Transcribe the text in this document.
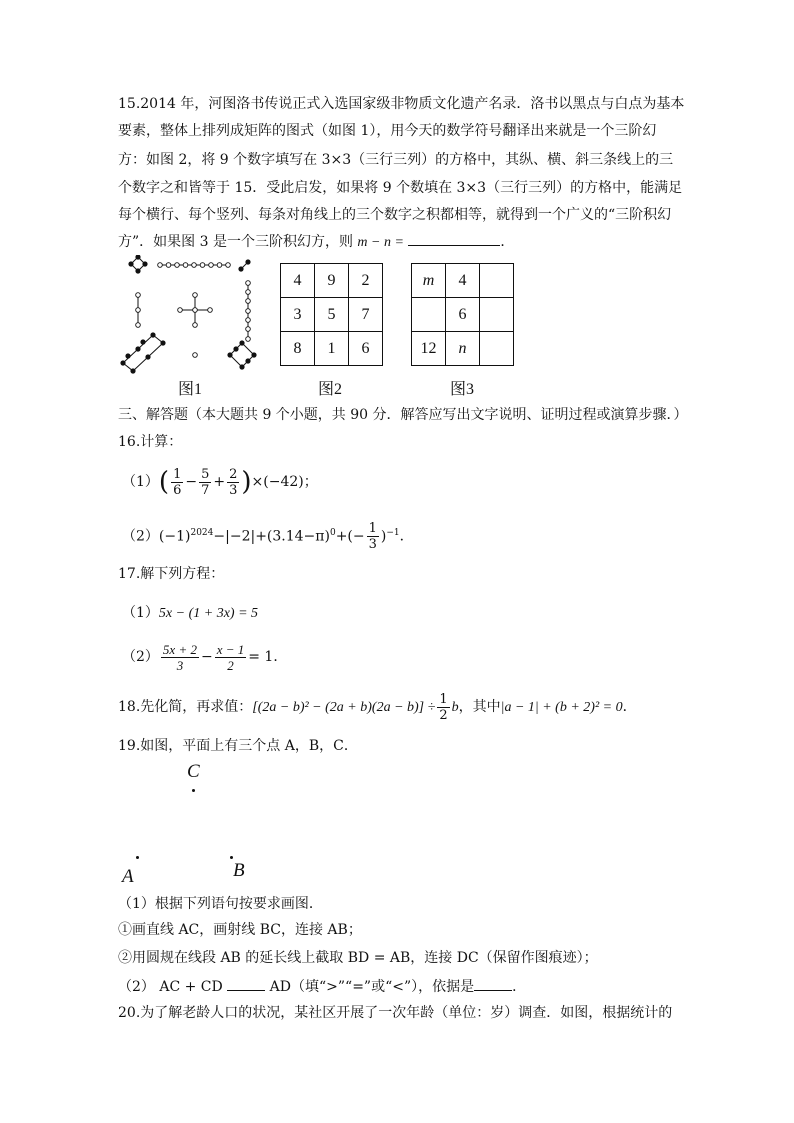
15.2014 年，河图洛书传说正式入选国家级非物质文化遗产名录．洛书以黑点与白点为基本
要素，整体上排列成矩阵的图式（如图 1），用今天的数学符号翻译出来就是一个三阶幻
方：如图 2，将 9 个数字填写在 3×3（三行三列）的方格中，其纵、横、斜三条线上的三
个数字之和皆等于 15．受此启发，如果将 9 个数填在 3×3（三行三列）的方格中，能满足
每个横行、每个竖列、每条对角线上的三个数字之积都相等，就得到一个广义的“三阶积幻
方”．如果图 3 是一个三阶积幻方，则 m − n =	．
图1
4	9	2
3	5	7
8	1	6
图2
m	4	
	6	
12	n	
图3
三、解答题（本大题共 9 个小题，共 90 分．解答应写出文字说明、证明过程或演算步骤．）
16.计算：
$(1)( \frac{1}{6} - \frac{5}{7} + \frac{2}{3} )\times(-42)$；
$(2)(-1)^{2024}-|-2|+(3.14-\pi)^0+(- \frac{1}{3} )^{-1}$．
17.解下列方程：
（1）5x − (1 + 3x) = 5
$(2) \frac{5x + 2}{3} - \frac{x - 1}{2} = 1$．
18.先化简，再求值：$[(2a - b)^2 - (2a + b)(2a - b)] \div \frac{1}{2}$ b，其中|a − 1| + (b + 2)² = 0．
19.如图，平面上有三个点 A，B，C．
C
A	B
（1）根据下列语句按要求画图．
①画直线 AC，画射线 BC，连接 AB；
②用圆规在线段 AB 的延长线上截取 BD = AB，连接 DC（保留作图痕迹）；
（2） AC + CD	AD（填“>”“=”或“<”），依据是	．
20.为了解老龄人口的状况，某社区开展了一次年龄（单位：岁）调查．如图，根据统计的
